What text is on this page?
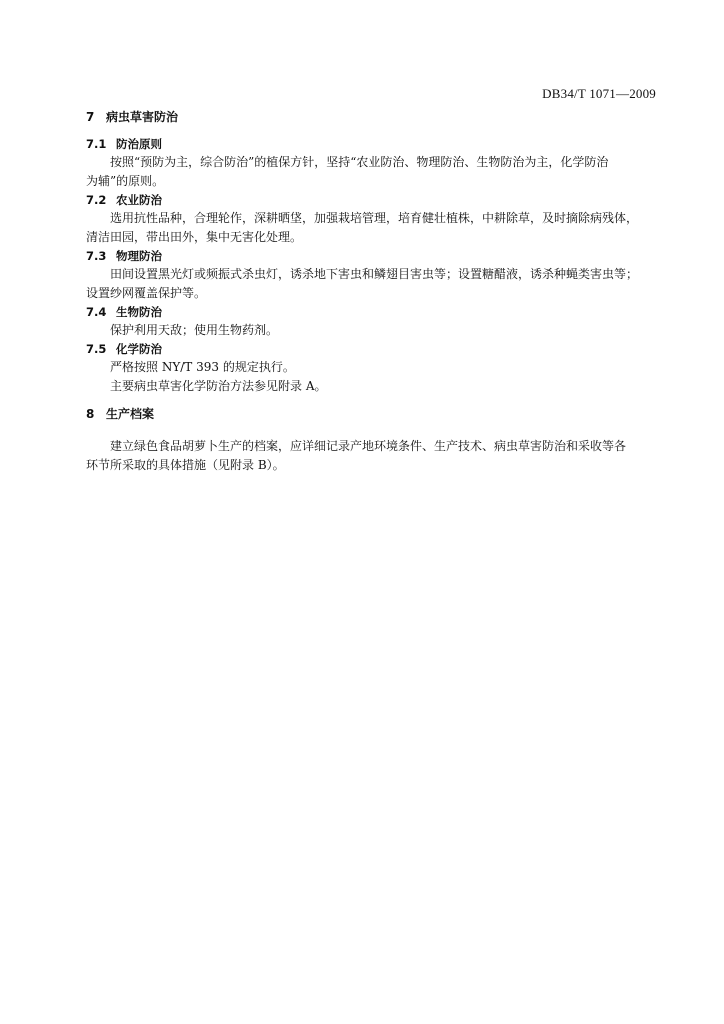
DB34/T 1071—2009
7 病虫草害防治
7.1 防治原则
按照“预防为主，综合防治”的植保方针，坚持“农业防治、物理防治、生物防治为主，化学防治
为辅”的原则。
7.2 农业防治
选用抗性品种，合理轮作，深耕晒垡，加强栽培管理，培育健壮植株，中耕除草，及时摘除病残体，
清洁田园，带出田外，集中无害化处理。
7.3 物理防治
田间设置黑光灯或频振式杀虫灯，诱杀地下害虫和鳞翅目害虫等；设置糖醋液，诱杀种蝇类害虫等；
设置纱网覆盖保护等。
7.4 生物防治
保护利用天敌；使用生物药剂。
7.5 化学防治
严格按照 NY/T 393 的规定执行。
主要病虫草害化学防治方法参见附录 A。
8 生产档案
建立绿色食品胡萝卜生产的档案，应详细记录产地环境条件、生产技术、病虫草害防治和采收等各
环节所采取的具体措施（见附录 B）。
